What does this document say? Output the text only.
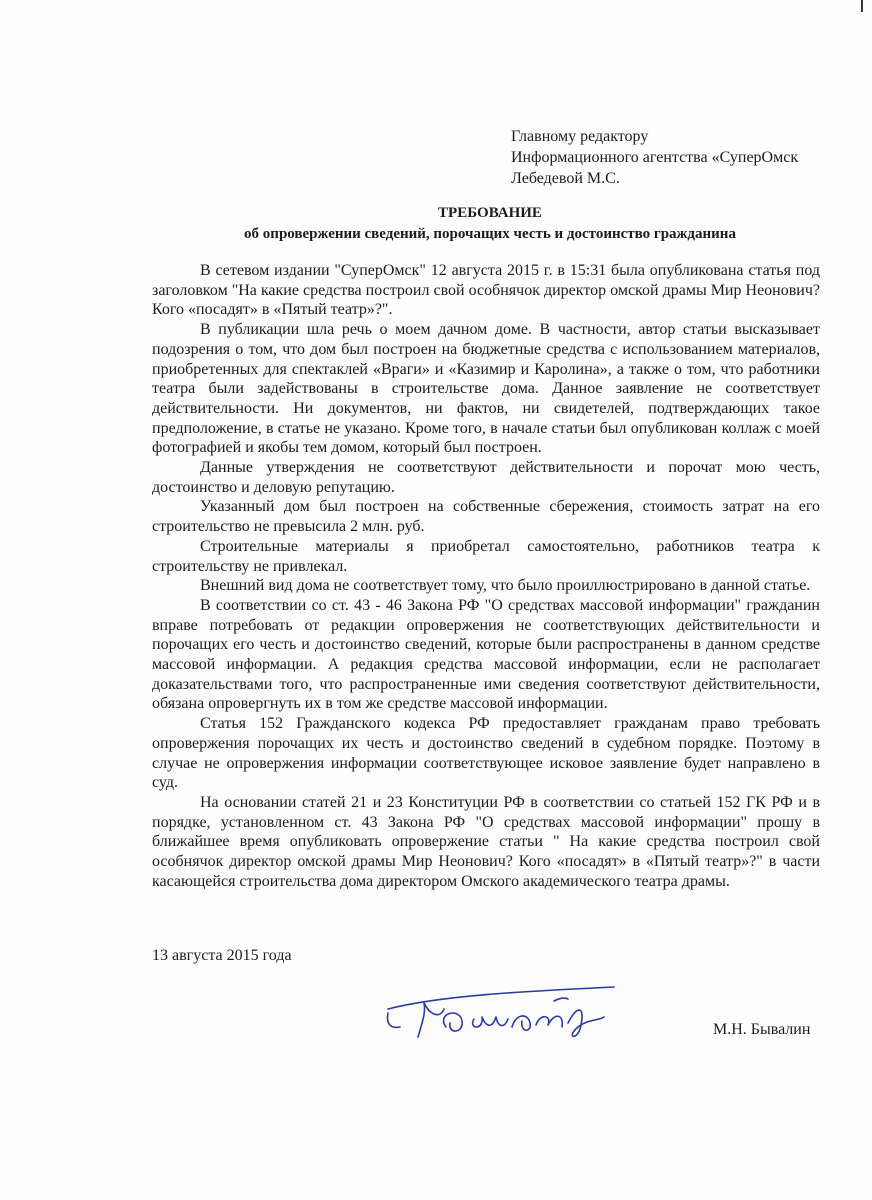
Главному редактору
Информационного агентства «СуперОмск
Лебедевой М.С.
ТРЕБОВАНИЕ
об опровержении сведений, порочащих честь и достоинство гражданина

В сетевом издании "СуперОмск" 12 августа 2015 г. в 15:31 была опубликована статья под заголовком "На какие средства построил свой особнячок директор омской драмы Мир Неонович? Кого «посадят» в «Пятый театр»?".

В публикации шла речь о моем дачном доме. В частности, автор статьи высказывает подозрения о том, что дом был построен на бюджетные средства с использованием материалов, приобретенных для спектаклей «Враги» и «Казимир и Каролина», а также о том, что работники театра были задействованы в строительстве дома. Данное заявление не соответствует действительности. Ни документов, ни фактов, ни свидетелей, подтверждающих такое предположение, в статье не указано. Кроме того, в начале статьи был опубликован коллаж с моей фотографией и якобы тем домом, который был построен.

Данные утверждения не соответствуют действительности и порочат мою честь, достоинство и деловую репутацию.

Указанный дом был построен на собственные сбережения, стоимость затрат на его строительство не превысила 2 млн. руб.

Строительные материалы я приобретал самостоятельно, работников театра к строительству не привлекал.

Внешний вид дома не соответствует тому, что было проиллюстрировано в данной статье.

В соответствии со ст. 43 - 46 Закона РФ "О средствах массовой информации" гражданин вправе потребовать от редакции опровержения не соответствующих действительности и порочащих его честь и достоинство сведений, которые были распространены в данном средстве массовой информации. А редакция средства массовой информации, если не располагает доказательствами того, что распространенные ими сведения соответствуют действительности, обязана опровергнуть их в том же средстве массовой информации.

Статья 152 Гражданского кодекса РФ предоставляет гражданам право требовать опровержения порочащих их честь и достоинство сведений в судебном порядке. Поэтому в случае не опровержения информации соответствующее исковое заявление будет направлено в суд.

На основании статей 21 и 23 Конституции РФ в соответствии со статьей 152 ГК РФ и в порядке, установленном ст. 43 Закона РФ "О средствах массовой информации" прошу в ближайшее время опубликовать опровержение статьи " На какие средства построил свой особнячок директор омской драмы Мир Неонович? Кого «посадят» в «Пятый театр»?" в части касающейся строительства дома директором Омского академического театра драмы.

13 августа 2015 года
М.Н. Бывалин
